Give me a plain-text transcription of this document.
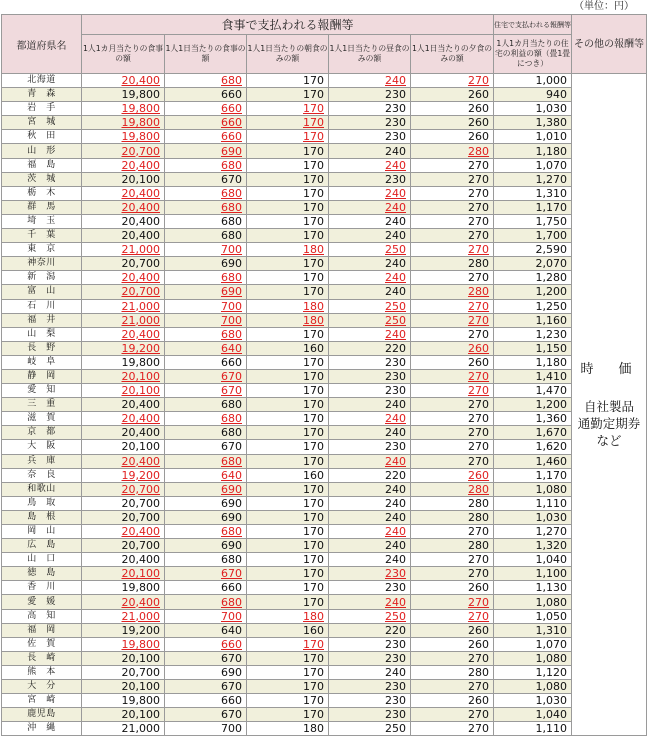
（単位：円）
都道府県名	食事で支払われる報酬等					住宅で支払われる報酬等	その他の報酬等
	1人1カ月当たりの食事の額	1人1日当たりの食事の額	1人1日当たりの朝食のみの額	1人1日当たりの昼食のみの額	1人1日当たりの夕食のみの額	1人1カ月当たりの住宅の利益の額（畳1畳につき）	
北海道	20,400	680	170	240	270	1,000	時　価
自社製品
通勤定期券
など

青　森	19,800	660	170	230	260	940	
岩　手	19,800	660	170	230	260	1,030	
宮　城	19,800	660	170	230	260	1,380	
秋　田	19,800	660	170	230	260	1,010	
山　形	20,700	690	170	240	280	1,180	
福　島	20,400	680	170	240	270	1,070	
茨　城	20,100	670	170	230	270	1,270	
栃　木	20,400	680	170	240	270	1,310	
群　馬	20,400	680	170	240	270	1,170	
埼　玉	20,400	680	170	240	270	1,750	
千　葉	20,400	680	170	240	270	1,700	
東　京	21,000	700	180	250	270	2,590	
神奈川	20,700	690	170	240	280	2,070	
新　潟	20,400	680	170	240	270	1,280	
富　山	20,700	690	170	240	280	1,200	
石　川	21,000	700	180	250	270	1,250	
福　井	21,000	700	180	250	270	1,160	
山　梨	20,400	680	170	240	270	1,230	
長　野	19,200	640	160	220	260	1,150	
岐　阜	19,800	660	170	230	260	1,180	
静　岡	20,100	670	170	230	270	1,410	
愛　知	20,100	670	170	230	270	1,470	
三　重	20,400	680	170	240	270	1,200	
滋　賀	20,400	680	170	240	270	1,360	
京　都	20,400	680	170	240	270	1,670	
大　阪	20,100	670	170	230	270	1,620	
兵　庫	20,400	680	170	240	270	1,460	
奈　良	19,200	640	160	220	260	1,170	
和歌山	20,700	690	170	240	280	1,080	
鳥　取	20,700	690	170	240	280	1,110	
島　根	20,700	690	170	240	280	1,030	
岡　山	20,400	680	170	240	270	1,270	
広　島	20,700	690	170	240	280	1,320	
山　口	20,400	680	170	240	270	1,040	
徳　島	20,100	670	170	230	270	1,100	
香　川	19,800	660	170	230	260	1,130	
愛　媛	20,400	680	170	240	270	1,080	
高　知	21,000	700	180	250	270	1,050	
福　岡	19,200	640	160	220	260	1,310	
佐　賀	19,800	660	170	230	260	1,070	
長　崎	20,100	670	170	230	270	1,080	
熊　本	20,700	690	170	240	280	1,120	
大　分	20,100	670	170	230	270	1,080	
宮　崎	19,800	660	170	230	260	1,030	
鹿児島	20,100	670	170	230	270	1,040	
沖　縄	21,000	700	180	250	270	1,110	
